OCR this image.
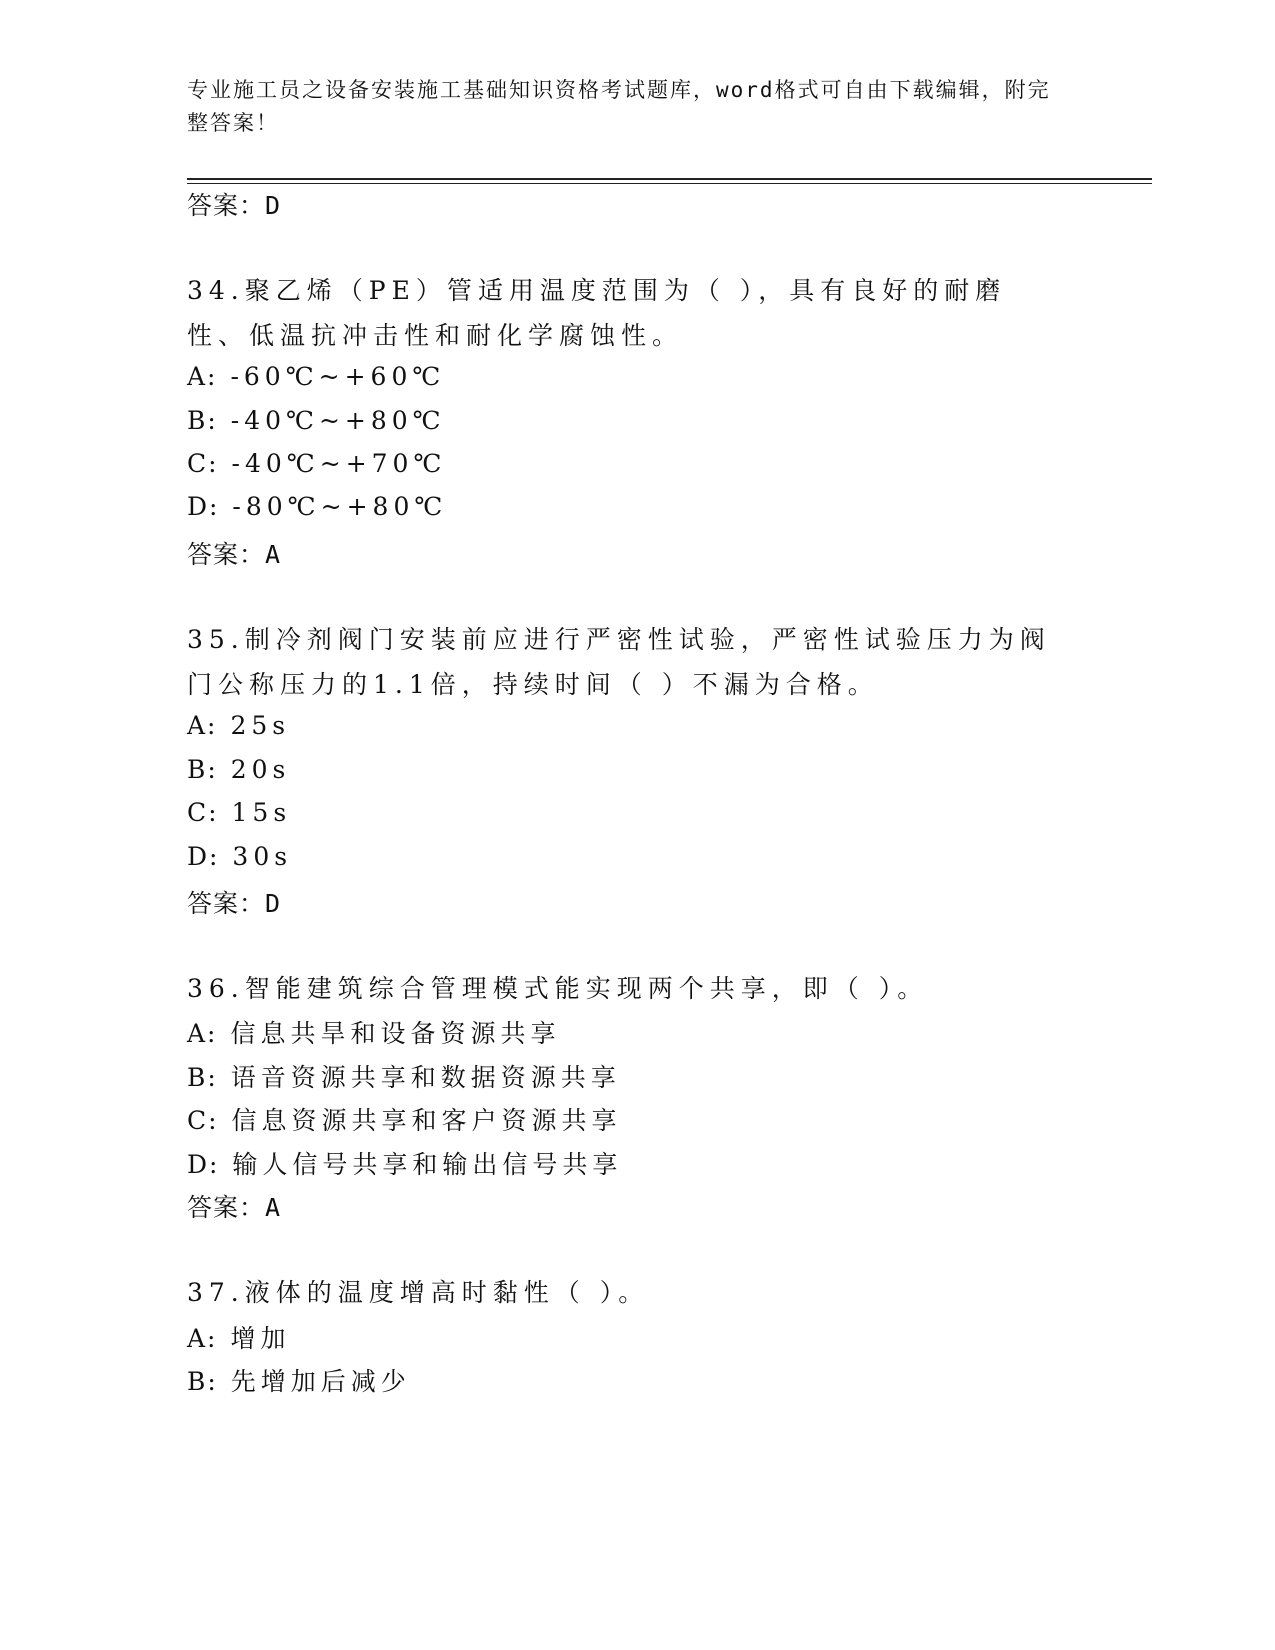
专业施工员之设备安装施工基础知识资格考试题库，word格式可自由下载编辑，附完整答案！
答案：D
34.聚乙烯（PE）管适用温度范围为（ ），具有良好的耐磨性、低温抗冲击性和耐化学腐蚀性。
A: -60℃~+60℃
B: -40℃~+80℃
C: -40℃~+70℃
D: -80℃~+80℃
答案：A
35.制冷剂阀门安装前应进行严密性试验，严密性试验压力为阀门公称压力的1.1倍，持续时间（ ）不漏为合格。
A: 25s
B: 20s
C: 15s
D: 30s
答案：D
36.智能建筑综合管理模式能实现两个共享，即（ ）。
A: 信息共旱和设备资源共享
B: 语音资源共享和数据资源共享
C: 信息资源共享和客户资源共享
D: 输人信号共享和输出信号共享
答案：A
37.液体的温度增高时黏性（ ）。
A: 增加
B: 先增加后减少
